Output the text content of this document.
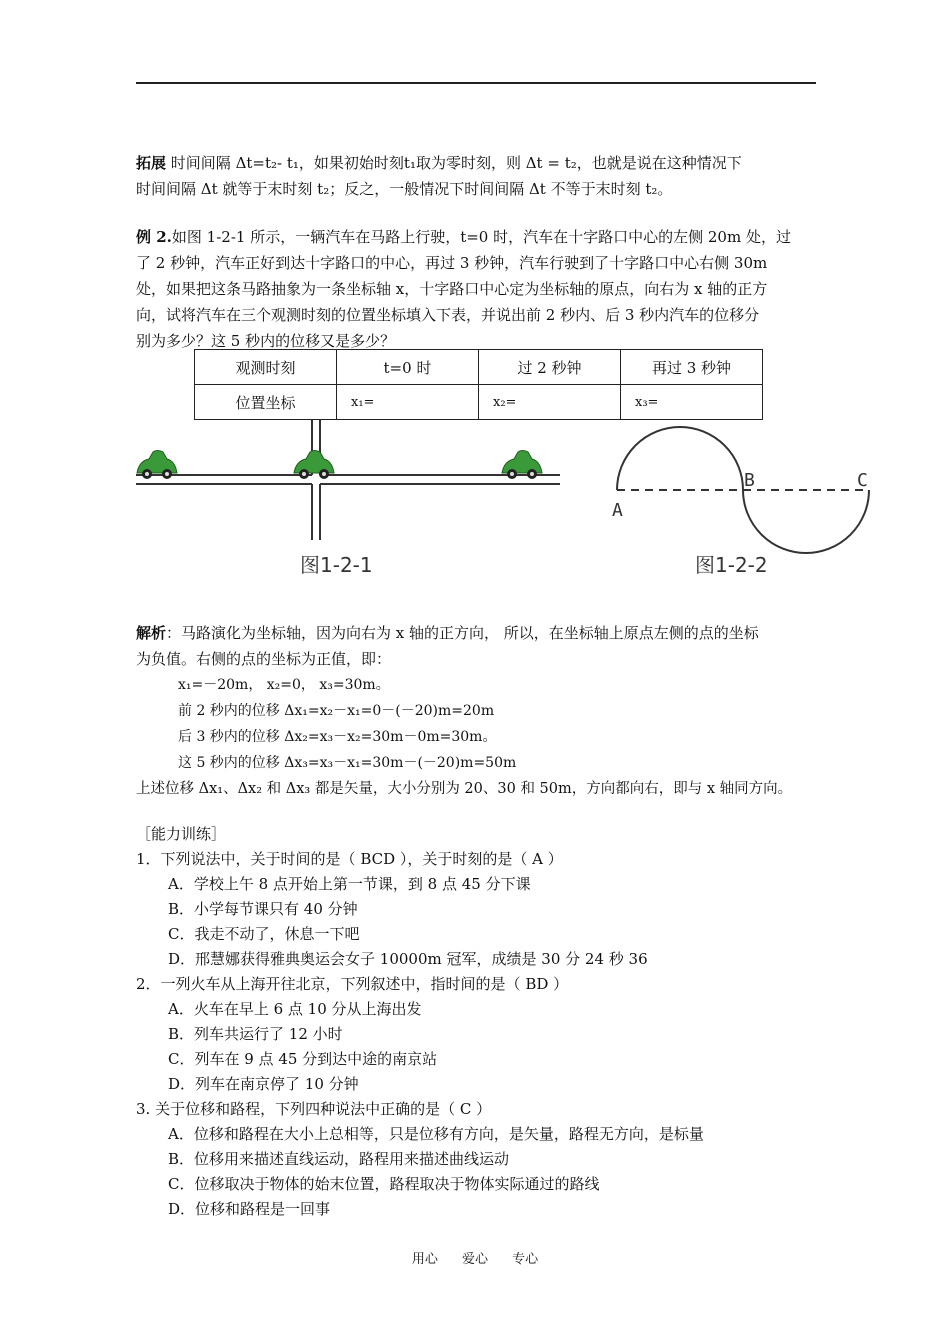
拓展 时间间隔 Δt=t₂- t₁，如果初始时刻t₁取为零时刻，则 Δt = t₂，也就是说在这种情况下
时间间隔 Δt 就等于末时刻 t₂；反之，一般情况下时间间隔 Δt 不等于末时刻 t₂。
例 2.如图 1-2-1 所示，一辆汽车在马路上行驶，t=0 时，汽车在十字路口中心的左侧 20m 处，过
了 2 秒钟，汽车正好到达十字路口的中心，再过 3 秒钟，汽车行驶到了十字路口中心右侧 30m
处，如果把这条马路抽象为一条坐标轴 x，十字路口中心定为坐标轴的原点，向右为 x 轴的正方
向，试将汽车在三个观测时刻的位置坐标填入下表，并说出前 2 秒内、后 3 秒内汽车的位移分
别为多少？这 5 秒内的位移又是多少？
观测时刻	t=0 时	过 2 秒钟	再过 3 秒钟
位置坐标	x₁=	x₂=	x₃=
图1-2-1
A
B	C
图1-2-2
解析：马路演化为坐标轴，因为向右为 x 轴的正方向， 所以，在坐标轴上原点左侧的点的坐标
为负值。右侧的点的坐标为正值，即：
x₁=－20m， x₂=0， x₃=30m。
前 2 秒内的位移 Δx₁=x₂－x₁=0－(－20)m=20m
后 3 秒内的位移 Δx₂=x₃－x₂=30m－0m=30m。
这 5 秒内的位移 Δx₃=x₃－x₁=30m－(－20)m=50m
上述位移 Δx₁、Δx₂ 和 Δx₃ 都是矢量，大小分别为 20、30 和 50m，方向都向右，即与 x 轴同方向。
［能力训练］
1．下列说法中，关于时间的是（ BCD ），关于时刻的是（ A ）
A．学校上午 8 点开始上第一节课，到 8 点 45 分下课
B．小学每节课只有 40 分钟
C．我走不动了，休息一下吧
D．邢慧娜获得雅典奥运会女子 10000m 冠军，成绩是 30 分 24 秒 36
2．一列火车从上海开往北京，下列叙述中，指时间的是（ BD ）
A．火车在早上 6 点 10 分从上海出发
B．列车共运行了 12 小时
C．列车在 9 点 45 分到达中途的南京站
D．列车在南京停了 10 分钟
3. 关于位移和路程，下列四种说法中正确的是（ C ）
A．位移和路程在大小上总相等，只是位移有方向，是矢量，路程无方向，是标量
B．位移用来描述直线运动，路程用来描述曲线运动
C．位移取决于物体的始末位置，路程取决于物体实际通过的路线
D．位移和路程是一回事
用心 爱心 专心
